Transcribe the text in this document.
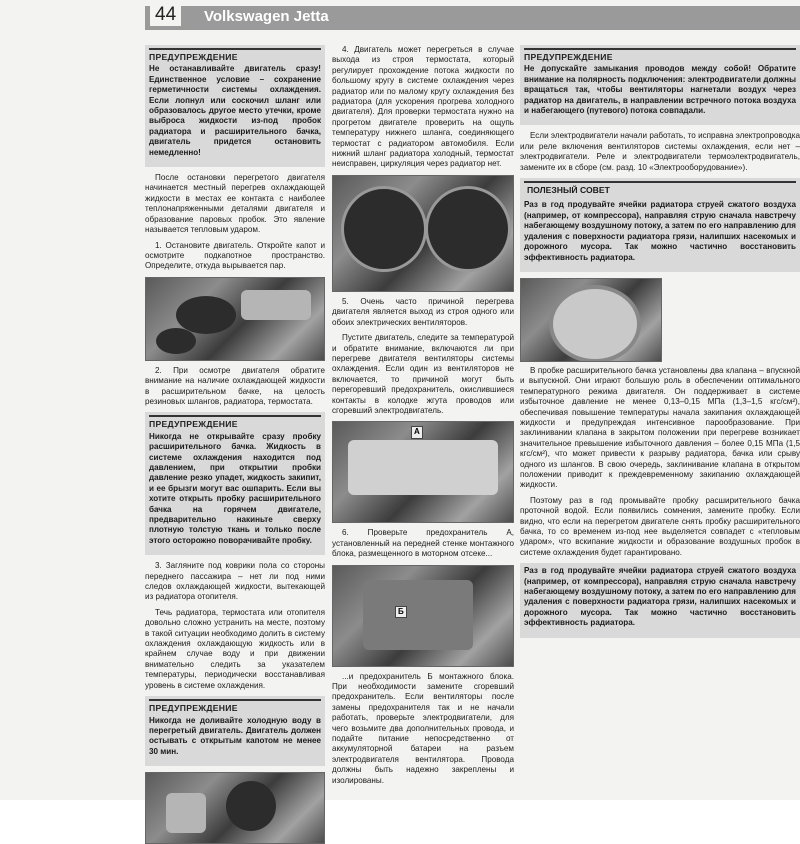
44	Volkswagen Jetta
ПРЕДУПРЕЖДЕНИЕ
Не останавливайте двигатель сразу! Единственное условие – сохранение герметичности системы охлаждения. Если лопнул или соскочил шланг или образовалось другое место утечки, кроме выброса жидкости из-под пробок радиатора и расширительного бачка, двигатель придется остановить немедленно!

После остановки перегретого двигателя начинается местный перегрев охлаждающей жидкости в местах ее контакта с наиболее теплонапряженными деталями двигателя и образование паровых пробок. Это явление называется тепловым ударом.

1. Остановите двигатель. Откройте капот и осмотрите подкапотное пространство. Определите, откуда вырывается пар.

2. При осмотре двигателя обратите внимание на наличие охлаждающей жидкости в расширительном бачке, на целость резиновых шлангов, радиатора, термостата.

ПРЕДУПРЕЖДЕНИЕ
Никогда не открывайте сразу пробку расширительного бачка. Жидкость в системе охлаждения находится под давлением, при открытии пробки давление резко упадет, жидкость закипит, и ее брызги могут вас ошпарить. Если вы хотите открыть пробку расширительного бачка на горячем двигателе, предварительно накиньте сверху плотную толстую ткань и только после этого осторожно поворачивайте пробку.

3. Загляните под коврики пола со стороны переднего пассажира – нет ли под ними следов охлаждающей жидкости, вытекающей из радиатора отопителя.

Течь радиатора, термостата или отопителя довольно сложно устранить на месте, поэтому в такой ситуации необходимо долить в систему охлаждения охлаждающую жидкость или в крайнем случае воду и при движении внимательно следить за указателем температуры, периодически восстанавливая уровень в системе охлаждения.

ПРЕДУПРЕЖДЕНИЕ
Никогда не доливайте холодную воду в перегретый двигатель. Двигатель должен остывать с открытым капотом не менее 30 мин.

4. Двигатель может перегреться в случае выхода из строя термостата, который регулирует прохождение потока жидкости по большому кругу в системе охлаждения через радиатор или по малому кругу охлаждения без радиатора (для ускорения прогрева холодного двигателя). Для проверки термостата нужно на прогретом двигателе проверить на ощупь температуру нижнего шланга, соединяющего термостат с радиатором автомобиля. Если нижний шланг радиатора холодный, термостат неисправен, циркуляция через радиатор нет.

5. Очень часто причиной перегрева двигателя является выход из строя одного или обоих электрических вентиляторов.

Пустите двигатель, следите за температурой и обратите внимание, включаются ли при перегреве двигателя вентиляторы системы охлаждения. Если один из вентиляторов не включается, то причиной могут быть перегоревший предохранитель, окислившиеся контакты в колодке жгута проводов или сгоревший электродвигатель.

А

6. Проверьте предохранитель А, установленный на передней стенке монтажного блока, размещенного в моторном отсеке...

Б

...и предохранитель Б монтажного блока. При необходимости замените сгоревший предохранитель. Если вентиляторы после замены предохранителя так и не начали работать, проверьте электродвигатели, для чего возьмите два дополнительных провода, и подайте питание непосредственно от аккумуляторной батареи на разъем электродвигателя вентилятора. Провода должны быть надежно закреплены и изолированы.

ПРЕДУПРЕЖДЕНИЕ
Не допускайте замыкания проводов между собой! Обратите внимание на полярность подключения: электродвигатели должны вращаться так, чтобы вентиляторы нагнетали воздух через радиатор на двигатель, в направлении встречного потока воздуха и набегающего (путевого) потока совпадали.

Если электродвигатели начали работать, то исправна электропроводка или реле включения вентиляторов системы охлаждения, если нет – электродвигатели. Реле и электродвигатели термоэлектродвигатель, замените их в сборе (см. разд. 10 «Электрооборудование»).

ПОЛЕЗНЫЙ СОВЕТ
Раз в год продувайте ячейки радиатора струей сжатого воздуха (например, от компрессора), направляя струю сначала навстречу набегающему воздушному потоку, а затем по его направлению для удаления с поверхности радиатора грязи, налипших насекомых и дорожного мусора. Так можно частично восстановить эффективность радиатора.

В пробке расширительного бачка установлены два клапана – впускной и выпускной. Они играют большую роль в обеспечении оптимального температурного режима двигателя. Он поддерживает в системе избыточное давление не менее 0,13–0,15 МПа (1,3–1,5 кгс/см²), обеспечивая повышение температуры начала закипания охлаждающей жидкости и предупреждая интенсивное парообразование. При заклинивании клапана в закрытом положении при перегреве возникает значительное превышение избыточного давления – более 0,15 МПа (1,5 кгс/см²), что может привести к разрыву радиатора, бачка или срыву одного из шлангов. В свою очередь, заклинивание клапана в открытом положении приводит к преждевременному закипанию охлаждающей жидкости.

Поэтому раз в год промывайте пробку расширительного бачка проточной водой. Если появились сомнения, замените пробку. Если видно, что если на перегретом двигателе снять пробку расширительного бачка, то со временем из-под нее выделяется совпадет с «тепловым ударом», что вскипание жидкости и образование воздушных пробок в системе охлаждения будет гарантировано.

Раз в год продувайте ячейки радиатора струей сжатого воздуха (например, от компрессора), направляя струю сначала навстречу набегающему воздушному потоку, а затем по его направлению для удаления с поверхности радиатора грязи, налипших насекомых и дорожного мусора. Так можно частично восстановить эффективность радиатора.
